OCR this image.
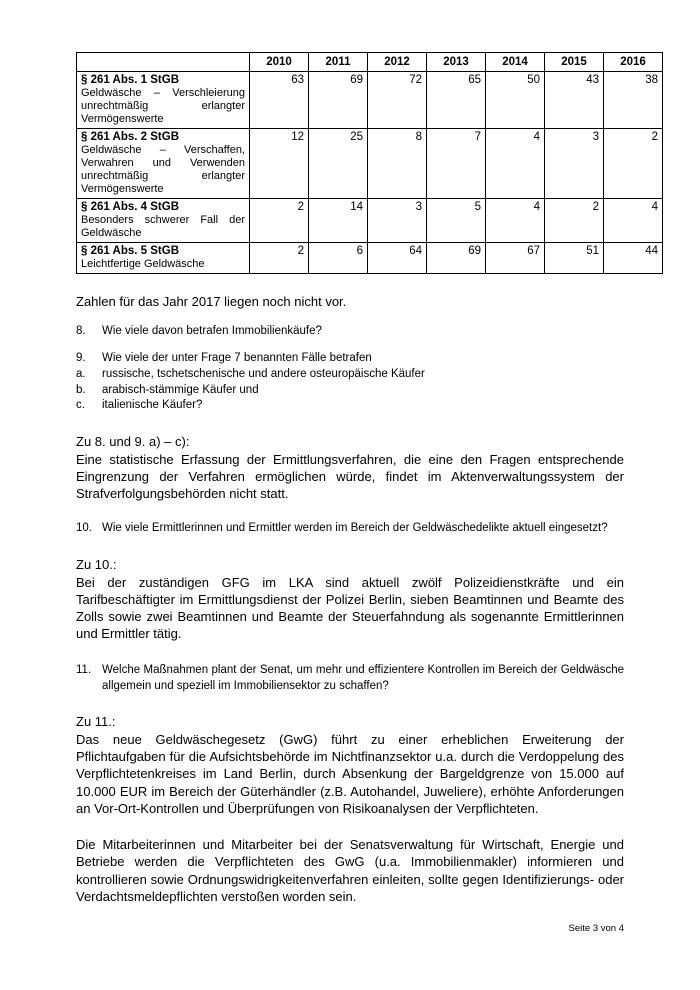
	2010	2011	2012	2013	2014	2015	2016

§ 261 Abs. 1 StGB
Geldwäsche – Verschleierung unrechtmäßig erlangter Vermögenswerte	63	69	72	65	50	43	38

§ 261 Abs. 2 StGB
Geldwäsche – Verschaffen, Verwahren und Verwenden unrechtmäßig erlangter Vermögenswerte	12	25	8	7	4	3	2

§ 261 Abs. 4 StGB
Besonders schwerer Fall der Geldwäsche	2	14	3	5	4	2	4

§ 261 Abs. 5 StGB
Leichtfertige Geldwäsche	2	6	64	69	67	51	44

Zahlen für das Jahr 2017 liegen noch nicht vor.

8.	Wie viele davon betrafen Immobilienkäufe?
9.	Wie viele der unter Frage 7 benannten Fälle betrafen
a.	russische, tschetschenische und andere osteuropäische Käufer
b.	arabisch-stämmige Käufer und
c.	italienische Käufer?

Zu 8. und 9. a) – c):

Eine statistische Erfassung der Ermittlungsverfahren, die eine den Fragen entsprechende Eingrenzung der Verfahren ermöglichen würde, findet im Aktenverwaltungssystem der Strafverfolgungsbehörden nicht statt.

10. Wie viele Ermittlerinnen und Ermittler werden im Bereich der Geldwäschedelikte aktuell eingesetzt?

Zu 10.:

Bei der zuständigen GFG im LKA sind aktuell zwölf Polizeidienstkräfte und ein Tarifbeschäftigter im Ermittlungsdienst der Polizei Berlin, sieben Beamtinnen und Beamte des Zolls sowie zwei Beamtinnen und Beamte der Steuerfahndung als sogenannte Ermittlerinnen und Ermittler tätig.

11. Welche Maßnahmen plant der Senat, um mehr und effizientere Kontrollen im Bereich der Geldwäsche allgemein und speziell im Immobiliensektor zu schaffen?

Zu 11.:

Das neue Geldwäschegesetz (GwG) führt zu einer erheblichen Erweiterung der Pflichtaufgaben für die Aufsichtsbehörde im Nichtfinanzsektor u.a. durch die Verdoppelung des Verpflichtetenkreises im Land Berlin, durch Absenkung der Bargeldgrenze von 15.000 auf 10.000 EUR im Bereich der Güterhändler (z.B. Autohandel, Juweliere), erhöhte Anforderungen an Vor-Ort-Kontrollen und Überprüfungen von Risikoanalysen der Verpflichteten.

Die Mitarbeiterinnen und Mitarbeiter bei der Senatsverwaltung für Wirtschaft, Energie und Betriebe werden die Verpflichteten des GwG (u.a. Immobilienmakler) informieren und kontrollieren sowie Ordnungswidrigkeitenverfahren einleiten, sollte gegen Identifizierungs- oder Verdachtsmeldepflichten verstoßen worden sein.

Seite 3 von 4
